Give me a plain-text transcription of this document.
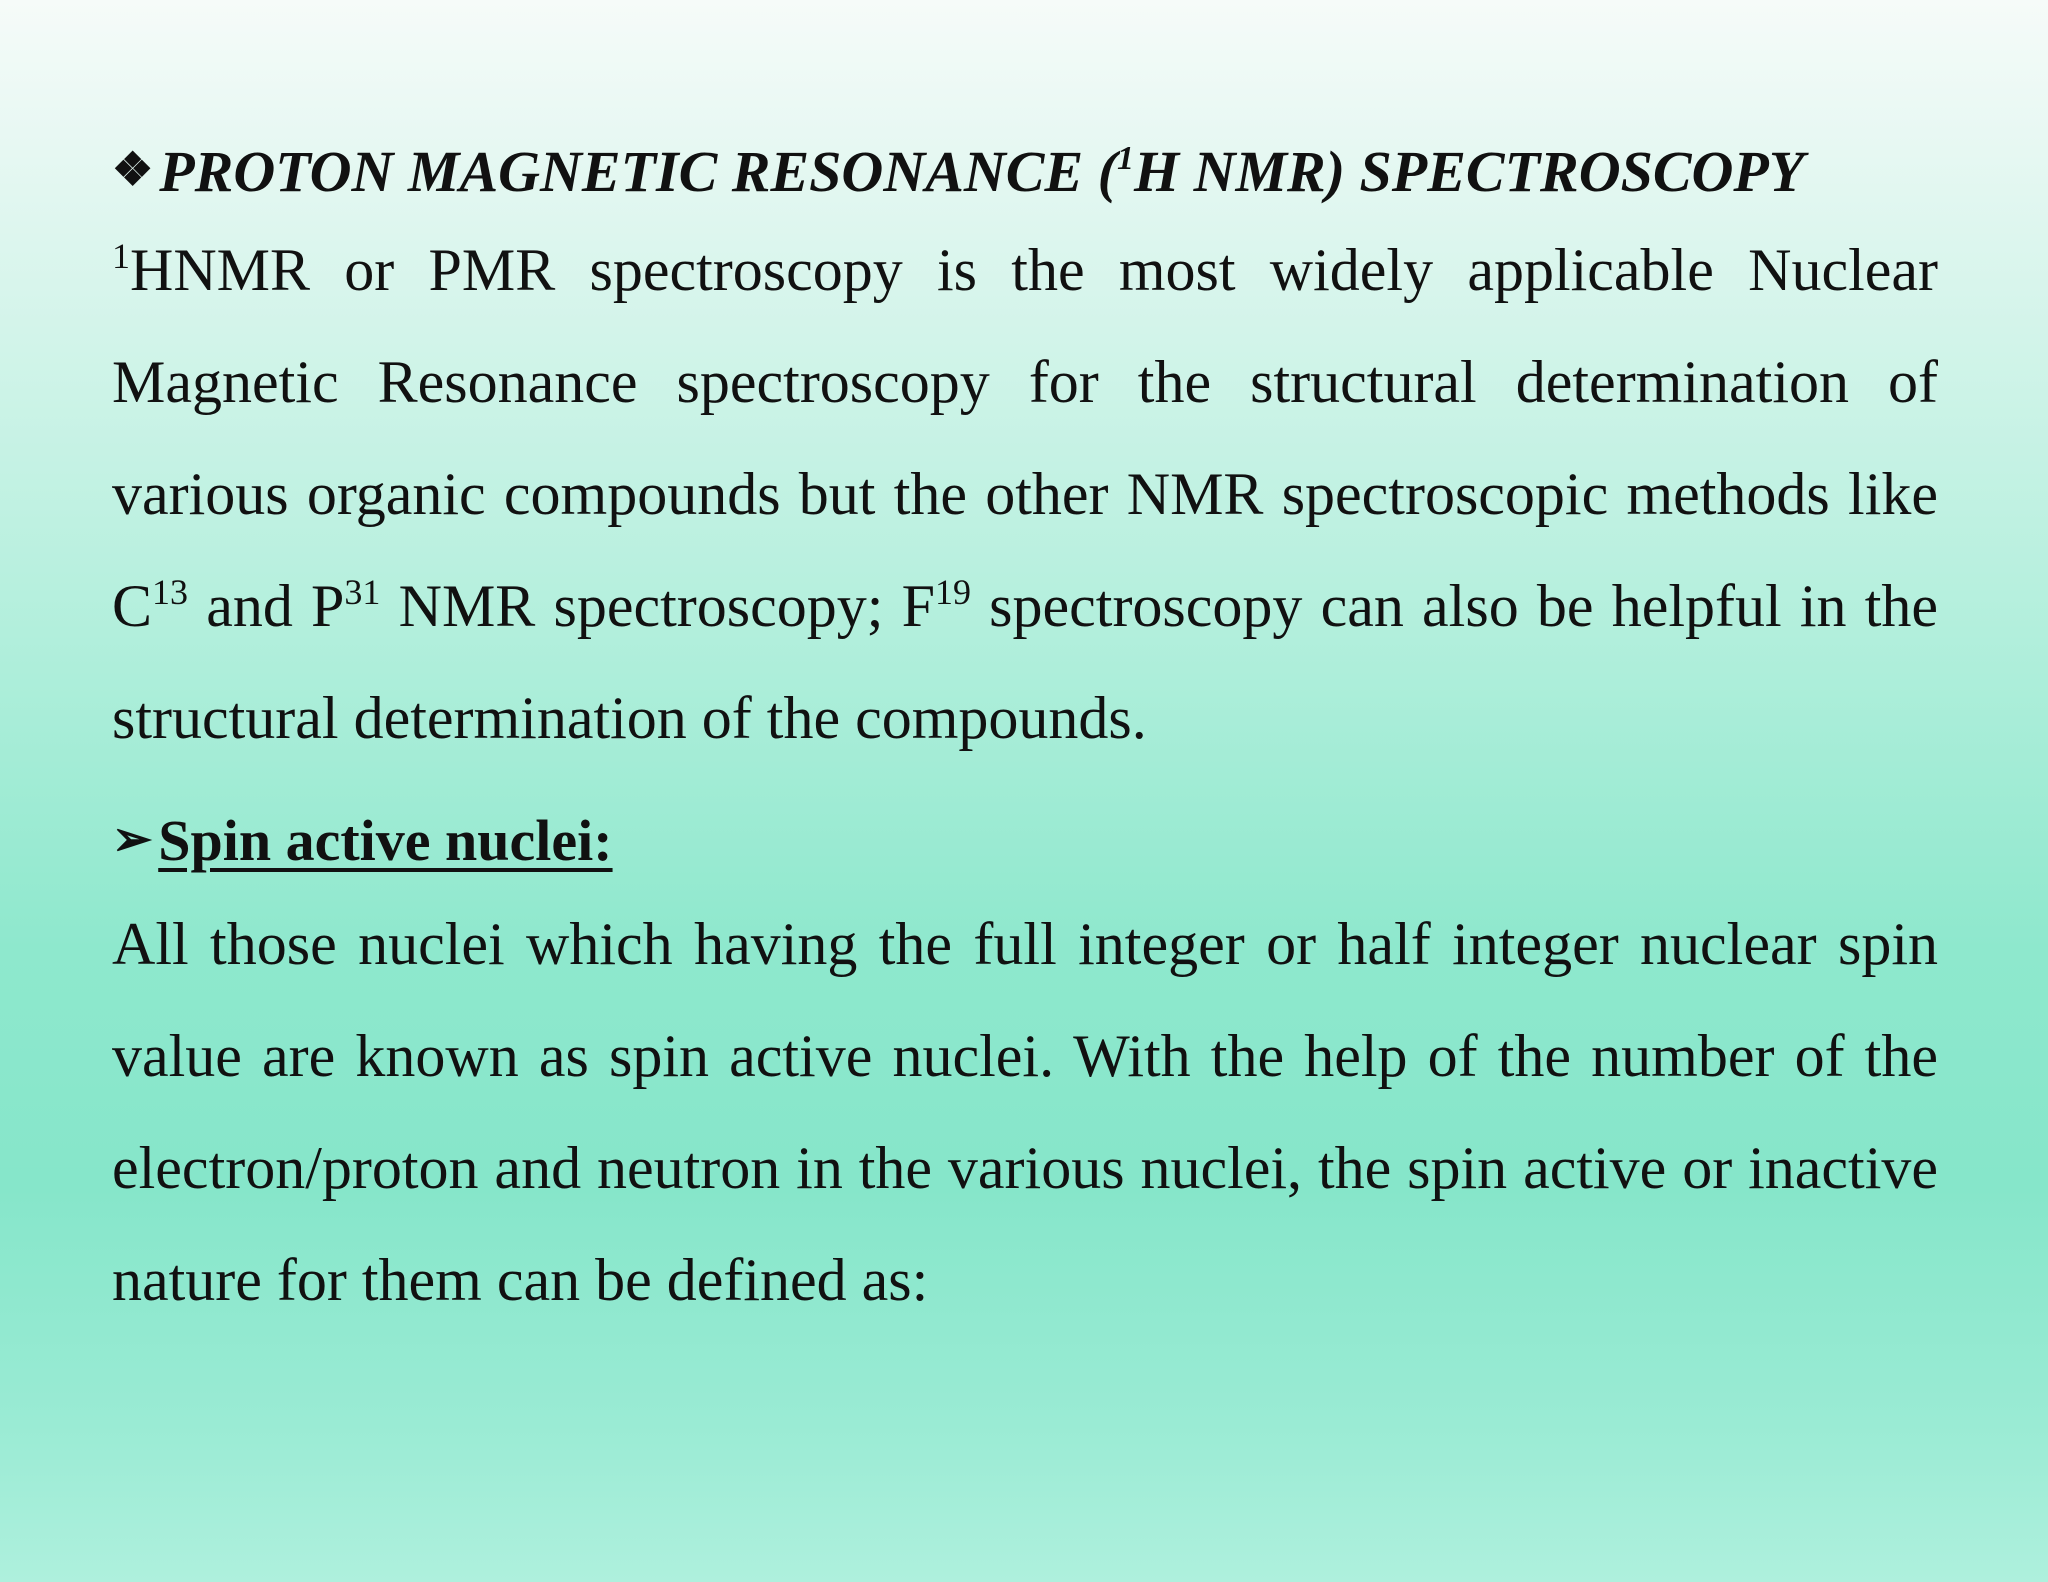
❖ PROTON MAGNETIC RESONANCE ($^1$H NMR) SPECTROSCOPY
$^1$HNMR or PMR spectroscopy is the most widely applicable Nuclear Magnetic Resonance spectroscopy for the structural determination of various organic compounds but the other NMR spectroscopic methods like $C^{13}$ and $P^{31}$ NMR spectroscopy; $F^{19}$ spectroscopy can also be helpful in the structural determination of the compounds.
➢ Spin active nuclei:
All those nuclei which having the full integer or half integer nuclear spin value are known as spin active nuclei. With the help of the number of the electron/proton and neutron in the various nuclei, the spin active or inactive nature for them can be defined as:
